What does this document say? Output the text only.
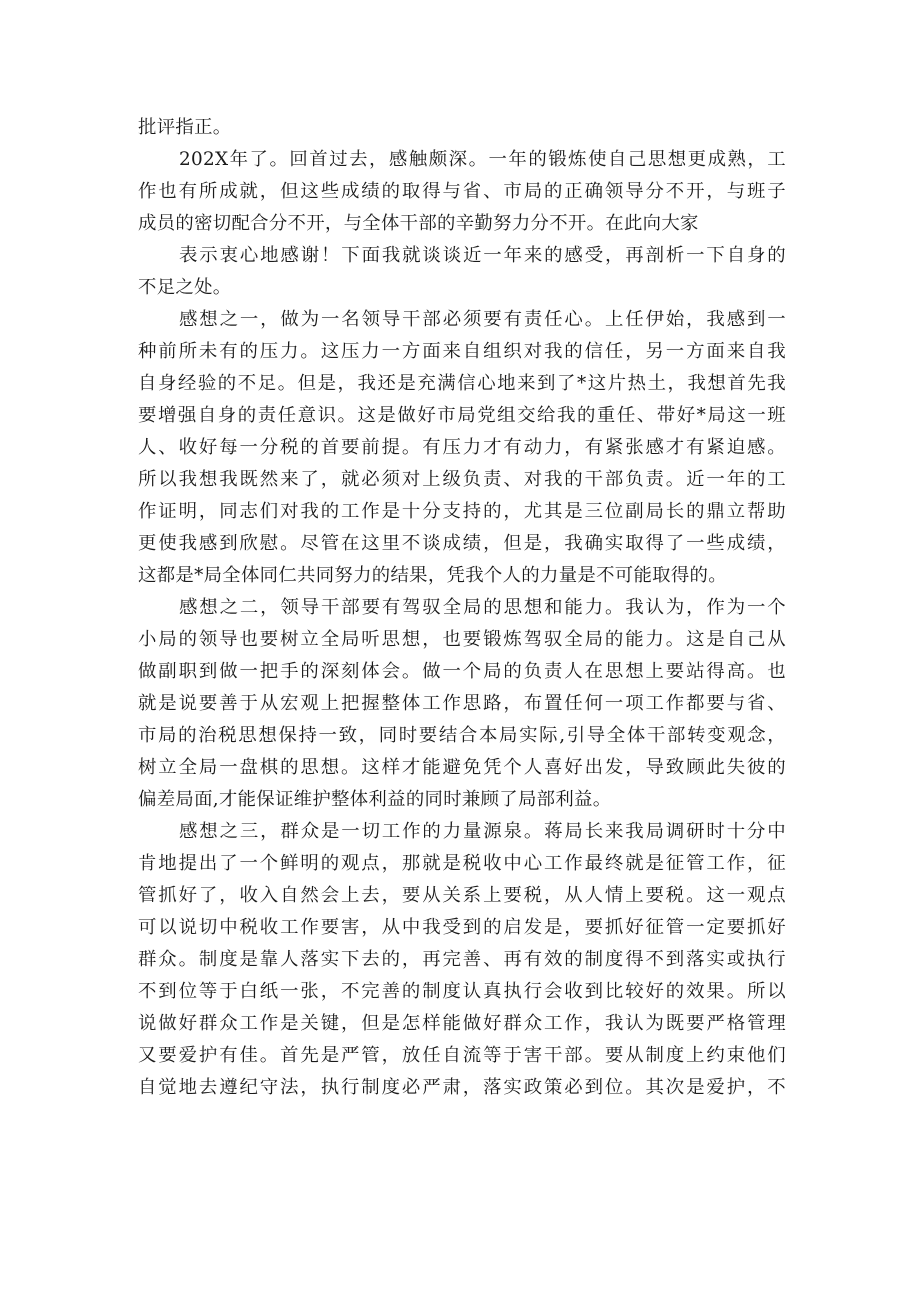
批评指正。
202X年了。回首过去，感触颇深。一年的锻炼使自己思想更成熟，工
作也有所成就，但这些成绩的取得与省、市局的正确领导分不开，与班子
成员的密切配合分不开，与全体干部的辛勤努力分不开。在此向大家
表示衷心地感谢！下面我就谈谈近一年来的感受，再剖析一下自身的
不足之处。
感想之一，做为一名领导干部必须要有责任心。上任伊始，我感到一
种前所未有的压力。这压力一方面来自组织对我的信任，另一方面来自我
自身经验的不足。但是，我还是充满信心地来到了*这片热土，我想首先我
要增强自身的责任意识。这是做好市局党组交给我的重任、带好*局这一班
人、收好每一分税的首要前提。有压力才有动力，有紧张感才有紧迫感。
所以我想我既然来了，就必须对上级负责、对我的干部负责。近一年的工
作证明，同志们对我的工作是十分支持的，尤其是三位副局长的鼎立帮助
更使我感到欣慰。尽管在这里不谈成绩，但是，我确实取得了一些成绩，
这都是*局全体同仁共同努力的结果，凭我个人的力量是不可能取得的。
感想之二，领导干部要有驾驭全局的思想和能力。我认为，作为一个
小局的领导也要树立全局听思想，也要锻炼驾驭全局的能力。这是自己从
做副职到做一把手的深刻体会。做一个局的负责人在思想上要站得高。也
就是说要善于从宏观上把握整体工作思路，布置任何一项工作都要与省、
市局的治税思想保持一致，同时要结合本局实际,引导全体干部转变观念，
树立全局一盘棋的思想。这样才能避免凭个人喜好出发，导致顾此失彼的
偏差局面,才能保证维护整体利益的同时兼顾了局部利益。
感想之三，群众是一切工作的力量源泉。蒋局长来我局调研时十分中
肯地提出了一个鲜明的观点，那就是税收中心工作最终就是征管工作，征
管抓好了，收入自然会上去，要从关系上要税，从人情上要税。这一观点
可以说切中税收工作要害，从中我受到的启发是，要抓好征管一定要抓好
群众。制度是靠人落实下去的，再完善、再有效的制度得不到落实或执行
不到位等于白纸一张，不完善的制度认真执行会收到比较好的效果。所以
说做好群众工作是关键，但是怎样能做好群众工作，我认为既要严格管理
又要爱护有佳。首先是严管，放任自流等于害干部。要从制度上约束他们
自觉地去遵纪守法，执行制度必严肃，落实政策必到位。其次是爱护，不
